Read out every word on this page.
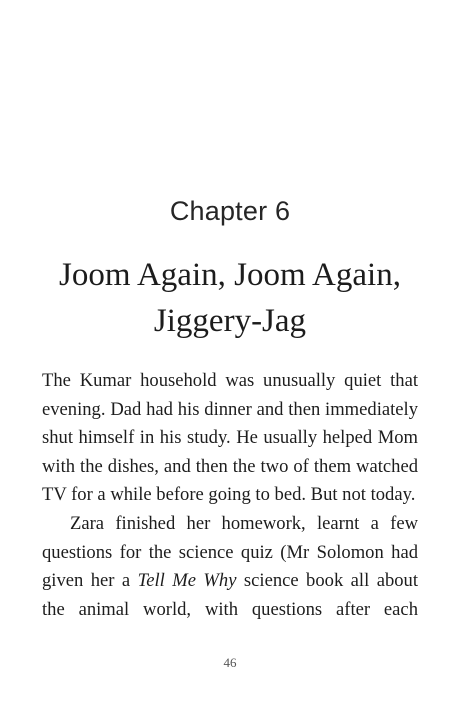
Chapter 6
Joom Again, Joom Again,
Jiggery-Jag

The Kumar household was unusually quiet that evening. Dad had his dinner and then immediately shut himself in his study. He usually helped Mom with the dishes, and then the two of them watched TV for a while before going to bed. But not today.

Zara finished her homework, learnt a few questions for the science quiz (Mr Solomon had given her a Tell Me Why science book all about the animal world, with questions after each

46
